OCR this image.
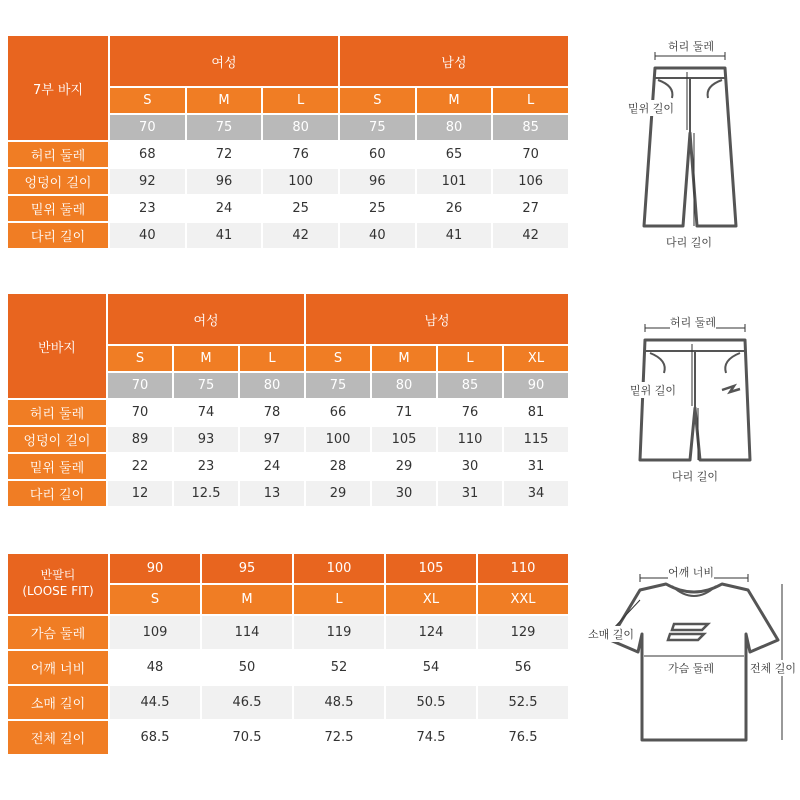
7부 바지
여성	남성
S	M	L	S	M	L
70	75	80	75	80	85
허리 둘레	68	72	76	60	65	70
엉덩이 길이	92	96	100	96	101	106
밑위 둘레	23	24	25	25	26	27
다리 길이	40	41	42	40	41	42
허리 둘레
밑위 길이
다리 길이
반바지
여성	남성
S	M	L	S	M	L	XL
70	75	80	75	80	85	90
허리 둘레	70	74	78	66	71	76	81
엉덩이 길이	89	93	97	100	105	110	115
밑위 둘레	22	23	24	28	29	30	31
다리 길이	12	12.5	13	29	30	31	34
허리 둘레
밑위 길이
다리 길이
반팔티
(LOOSE FIT)
90	95	100	105	110
S	M	L	XL	XXL
가슴 둘레	109	114	119	124	129
어깨 너비	48	50	52	54	56
소매 길이	44.5	46.5	48.5	50.5	52.5
전체 길이	68.5	70.5	72.5	74.5	76.5
어깨 너비
소매 길이
가슴 둘레	전체 길이
